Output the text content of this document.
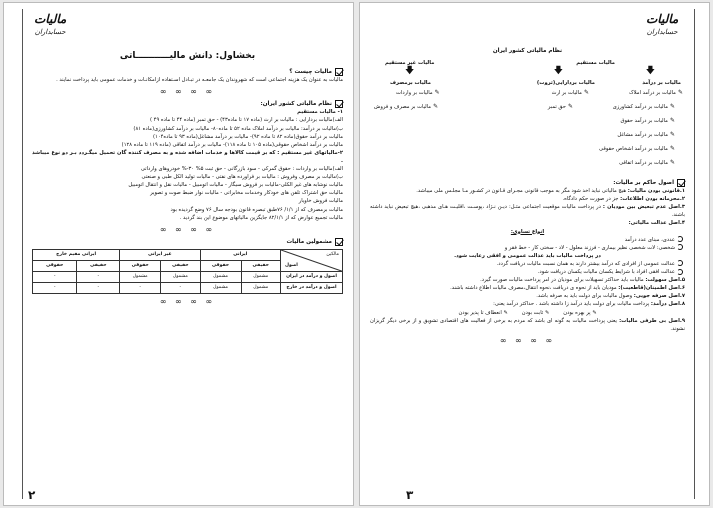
ماليات
حسابداران
بخشاول: دانش مالیـــــــــــاتی
مالیات چیست ؟
مالیات به عنوان یک هزینه اجتماعی است که شهروندان یک جامعـه در تبـادل اسـتفاده ازامکانـات و خدمات عمومی باید پرداخت نمایند .
∞ ∞ ∞ ∞
نظام مالیاتی کشور ایران:
۱- مالیات مستقیم
الف)مالیات بردارایی : مالیات بر ارث (ماده ۱۷ تا ماده۴۳) - حق تمبر (ماده ۴۴ تا ماده ۴۹ )
ب)مالیات بر درآمد: مالیات بر درآمد املاک ماده ۵۲ تا ماده۸۰- مالیات بر درآمد کشاورزی(ماده ۸۱)
مالیات بر درآمد حقوق(ماده ۸۲ تا ماده ۹۲)- مالیات بر درآمد مشاغل(ماده ۹۳ تا ماده۱۰۴)
مالیات بر درآمد اشخاص حقوقی(ماده ۱۰۵ تا ماده ۱۱۸)- مالیات بر درآمد اتفاقی (ماده ۱۱۹ تا ماده ۱۲۸)
۲-مالیاتهای غیر مستقیم : که بر قیمت کالاها و خدمات اضافه شده و به مصرف کننده گان تحمیل میگـردد بـر دو نوع میباشد .
الف)مالیات بر واردات : حقوق گمرکی - سود بازرگانی - حق ثبت ۵% ۳۰-% خودروهای وارداتی
ب)مالیات بر مصرف وفروش : مالیات بر فراورده های نفتی - مالیات تولید الکل طبی و صنعتی
مالیات نوشابه های غیر الکلی-مالیات بر فروش سیگار - مالیات اتومبیل - مالیات نقل و انتقال اتومبیل
مالیات حق اشتراک تلفن های خودکار وخدمات مخابراتی - مالیات نوار ضبط صوت و تصویر
مالیات فروش خاویار
مالیات برمصرف که از ۱/۱/ ۷۶طبق تبصره قانون بودجه سال ۷۶ وضع گردیده بود
مالیات تجمیع عوارض که از ۸۲/۱/۱ جایگزین مالیاتهای موضوع این بند گردید .
∞ ∞ ∞ ∞
مشمولین مالیات
مالکین
اصول	ایرانی		غیر ایرانی		ایرانی مقیم خارج	
	حقیقی	حقوقی	حقیقی	حقوقی	حقیقی	حقوقی
اصول و درآمد در ایران	مشمول	مشمول	مشمول	مشمول	-	-
اصول و درآمد در خارج	مشمول	مشمول	-	-	-	-
∞ ∞ ∞ ∞
۲
ماليات
حسابداران
نظام مالیاتی کشور ایران
مالیات مستقیم
مالیات غیر مستقیم
🡇
🡇
🡇
مالیات بر درآمد
مالیات بردارایی(ثروت)
مالیات برمصرف
✎مالیات بر درآمد املاک
✎مالیات بر درآمد کشاورزی
✎مالیات بر درآمد حقوق
✎مالیات بر درآمد مشاغل
✎مالیات بر درآمد اشخاص حقوقی
✎مالیات بر درآمد اتفاقی
✎مالیات بر ارث
✎حق تمبر
✎مالیات بر واردات
✎مالیات بر مصرف و فروش
اصول حاکم بر مالیات:
۱.قانونی بودن مالیات: هیچ مالیاتی نباید اخذ شود مگر به موجب قانونی مجـرای قـانون در کشـور مـا مجلـس ملی میباشد.
۲.محرمانه بودن اطلاعات: جز در صورت حکم دادگاه.
۳.اصل عدم تبعیض بین مودیان : در پرداخت مالیات موقعیت اجتماعی مثـل: دیـن نـژاد ،پوسـت ،اقلیـت هـای مذهبی ،هیچ تبعیض نباید داشته باشند.
۴.اصل عدالت مالیاتی:
انواع تساوی:
عددی، مبنای عدد درآمد
شخصی: لات شخصی نظیر بیماری - فرزند معلول - لاد - سختی کار - خط فقر و
در پرداخت مالیات باید عدالت عمومی و افقی رعایت شود.
عدالت عمومی از افرادی که درآمد بیشتر دارند به همان نسبت مالیات دریافت گردد.
عدالت افقی افراد با شرایط یکسان مالیات یکسان دریافت شود.
۵.اصل سهولت: مالیات باید حداکثر تسهیلات برای مودیان در امر پرداخت مالیات صورت گیرد.
۶.اصل اطمینان(قاطعیت): مودیان باید از نحوه ی دریافت ،نحوه انتقال،مصرف مالیات اطلاع داشته باشند.
۷.اصل صرفه جویی: وصول مالیات برای دولت باید به صرفه باشد.
۸.اصل درآمد: پرداخت مالیات برای دولت باید درآمد زا داشته باشد . حداکثر درآمد یعنی:
✎ پر بهره بودن
✎ ثابت بودن
✎ انعطاف تا پذیر بودن
۹.اصل بی طرفی مالیات: یعنی پرداخت مالیات به گونه ای باشد که مردم به برخی از فعالیت های اقتصادی تشویق و از برخی دیگر گریزان نشوند.
∞ ∞ ∞ ∞
۳
